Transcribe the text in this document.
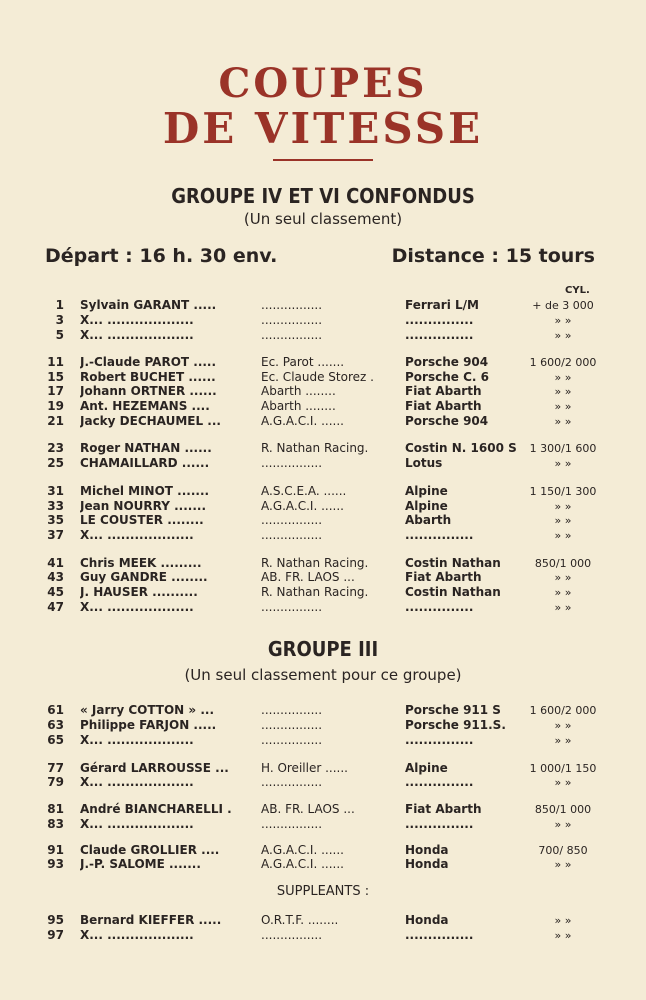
COUPES
DE VITESSE
GROUPE IV ET VI CONFONDUS
(Un seul classement)
Départ : 16 h. 30 env.	Distance : 15 tours
CYL.
GROUPE III
(Un seul classement pour ce groupe)
SUPPLEANTS :
1 Sylvain GARANT .....	................	Ferrari L/M	+ de 3 000
3 X... ...................	................	...............	» »
5 X... ...................	................	...............	» »
11 J.-Claude PAROT .....	Ec. Parot .......	Porsche 904	1 600/2 000
15 Robert BUCHET ......	Ec. Claude Storez .	Porsche C. 6	» »
17 Johann ORTNER ......	Abarth ........	Fiat Abarth	» »
19 Ant. HEZEMANS ....	Abarth ........	Fiat Abarth	» »
21 Jacky DECHAUMEL ...	A.G.A.C.I. ......	Porsche 904	» »
23 Roger NATHAN ......	R. Nathan Racing.	Costin N. 1600 S	1 300/1 600
25 CHAMAILLARD ......	................	Lotus	» »
31 Michel MINOT .......	A.S.C.E.A. ......	Alpine	1 150/1 300
33 Jean NOURRY .......	A.G.A.C.I. ......	Alpine	» »
35 LE COUSTER ........	................	Abarth	» »
37 X... ...................	................	...............	» »
41 Chris MEEK .........	R. Nathan Racing.	Costin Nathan	850/1 000
43 Guy GANDRE ........	AB. FR. LAOS ...	Fiat Abarth	» »
45 J. HAUSER ..........	R. Nathan Racing.	Costin Nathan	» »
47 X... ...................	................	...............	» »
61 « Jarry COTTON » ...	................	Porsche 911 S	1 600/2 000
63 Philippe FARJON .....	................	Porsche 911.S.	» »
65 X... ...................	................	...............	» »
77 Gérard LARROUSSE ...	H. Oreiller ......	Alpine	1 000/1 150
79 X... ...................	................	...............	» »
81 André BIANCHARELLI .	AB. FR. LAOS ...	Fiat Abarth	850/1 000
83 X... ...................	................	...............	» »
91 Claude GROLLIER ....	A.G.A.C.I. ......	Honda	700/ 850
93 J.-P. SALOME .......	A.G.A.C.I. ......	Honda	» »
95 Bernard KIEFFER .....	O.R.T.F. ........	Honda	» »
97 X... ...................	................	...............	» »
